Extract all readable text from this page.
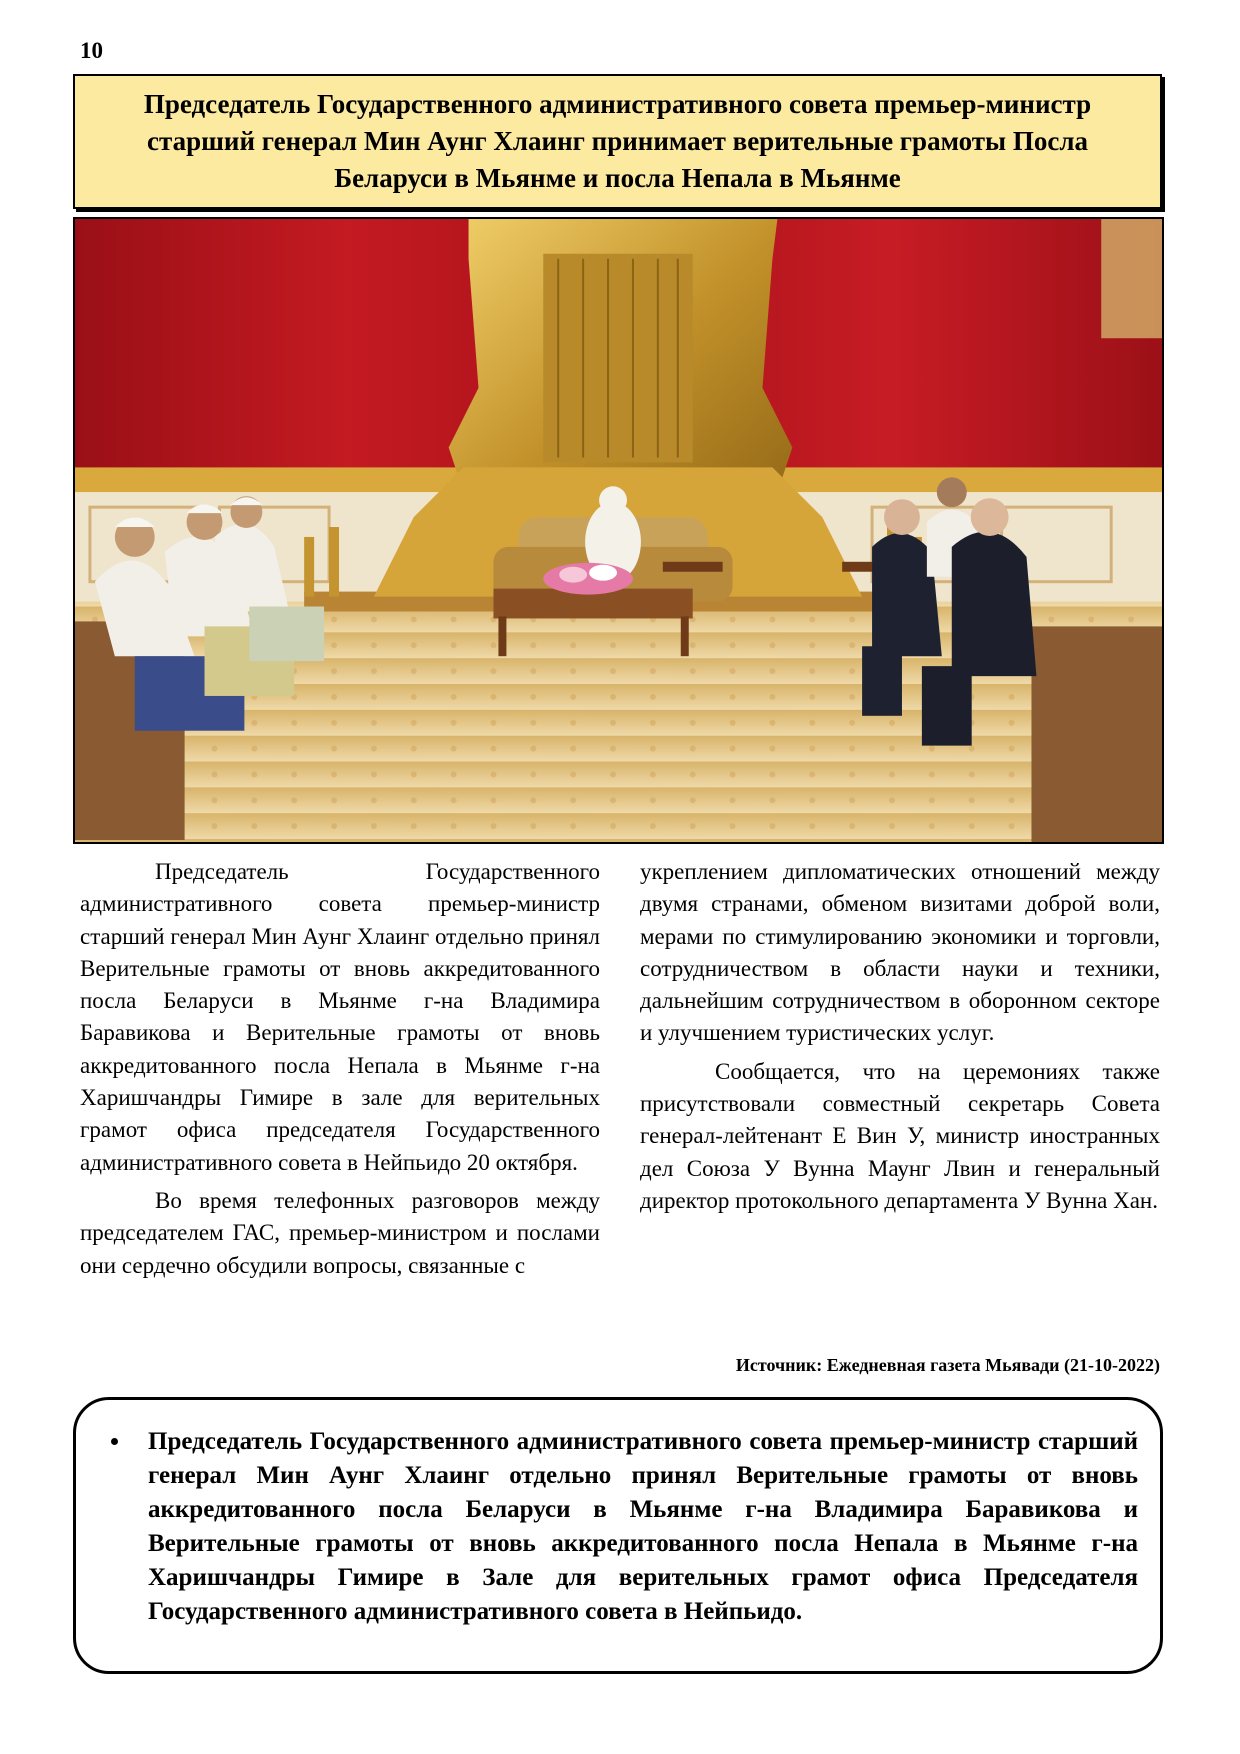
10
Председатель Государственного административного совета премьер-министр старший генерал Мин Аунг Хлаинг принимает верительные грамоты Посла Беларуси в Мьянме и посла Непала в Мьянме

Председатель Государственного административного совета премьер-министр старший генерал Мин Аунг Хлаинг отдельно принял Верительные грамоты от вновь аккредитованного посла Беларуси в Мьянме г-на Владимира Баравикова и Верительные грамоты от вновь аккредитованного посла Непала в Мьянме г-на Харишчандры Гимире в зале для верительных грамот офиса председателя Государственного административного совета в Нейпьидо 20 октября.

Во время телефонных разговоров между председателем ГАС, премьер-министром и послами они сердечно обсудили вопросы, связанные с

укреплением дипломатических отношений между двумя странами, обменом визитами доброй воли, мерами по стимулированию экономики и торговли, сотрудничеством в области науки и техники, дальнейшим сотрудничеством в оборонном секторе и улучшением туристических услуг.

Сообщается, что на церемониях также присутствовали совместный секретарь Совета генерал-лейтенант Е Вин У, министр иностранных дел Союза У Вунна Маунг Лвин и генеральный директор протокольного департамента У Вунна Хан.

Источник: Ежедневная газета Мьявади (21-10-2022)
• Председатель Государственного административного совета премьер-министр старший генерал Мин Аунг Хлаинг отдельно принял Верительные грамоты от вновь аккредитованного посла Беларуси в Мьянме г-на Владимира Баравикова и Верительные грамоты от вновь аккредитованного посла Непала в Мьянме г-на Харишчандры Гимире в Зале для верительных грамот офиса Председателя Государственного административного совета в Нейпьидо.
